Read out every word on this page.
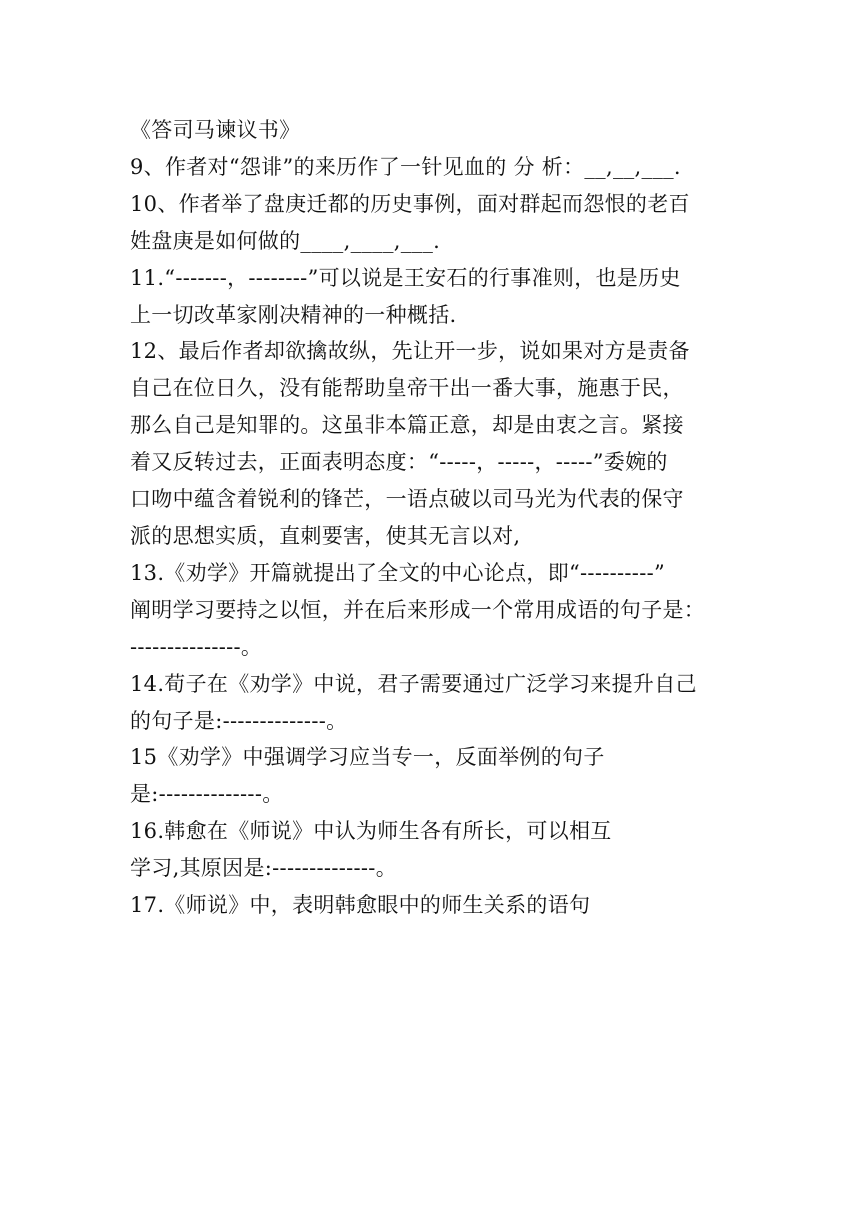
《答司马谏议书》
9、作者对“怨诽”的来历作了一针见血的 分 析：__,__,___.
10、作者举了盘庚迁都的历史事例，面对群起而怨恨的老百
姓盘庚是如何做的____,____,___.
11.“-------，--------”可以说是王安石的行事准则，也是历史
上一切改革家刚决精神的一种概括.
12、最后作者却欲擒故纵，先让开一步，说如果对方是责备
自己在位日久，没有能帮助皇帝干出一番大事，施惠于民，
那么自己是知罪的。这虽非本篇正意，却是由衷之言。紧接
着又反转过去，正面表明态度：“-----，-----，-----”委婉的
口吻中蕴含着锐利的锋芒，一语点破以司马光为代表的保守
派的思想实质，直刺要害，使其无言以对,
13.《劝学》开篇就提出了全文的中心论点，即“----------”
阐明学习要持之以恒，并在后来形成一个常用成语的句子是：
---------------。
14.荀子在《劝学》中说，君子需要通过广泛学习来提升自己
的句子是:--------------。
15《劝学》中强调学习应当专一，反面举例的句子
是:--------------。
16.韩愈在《师说》中认为师生各有所长，可以相互
学习,其原因是:--------------。
17.《师说》中，表明韩愈眼中的师生关系的语句
